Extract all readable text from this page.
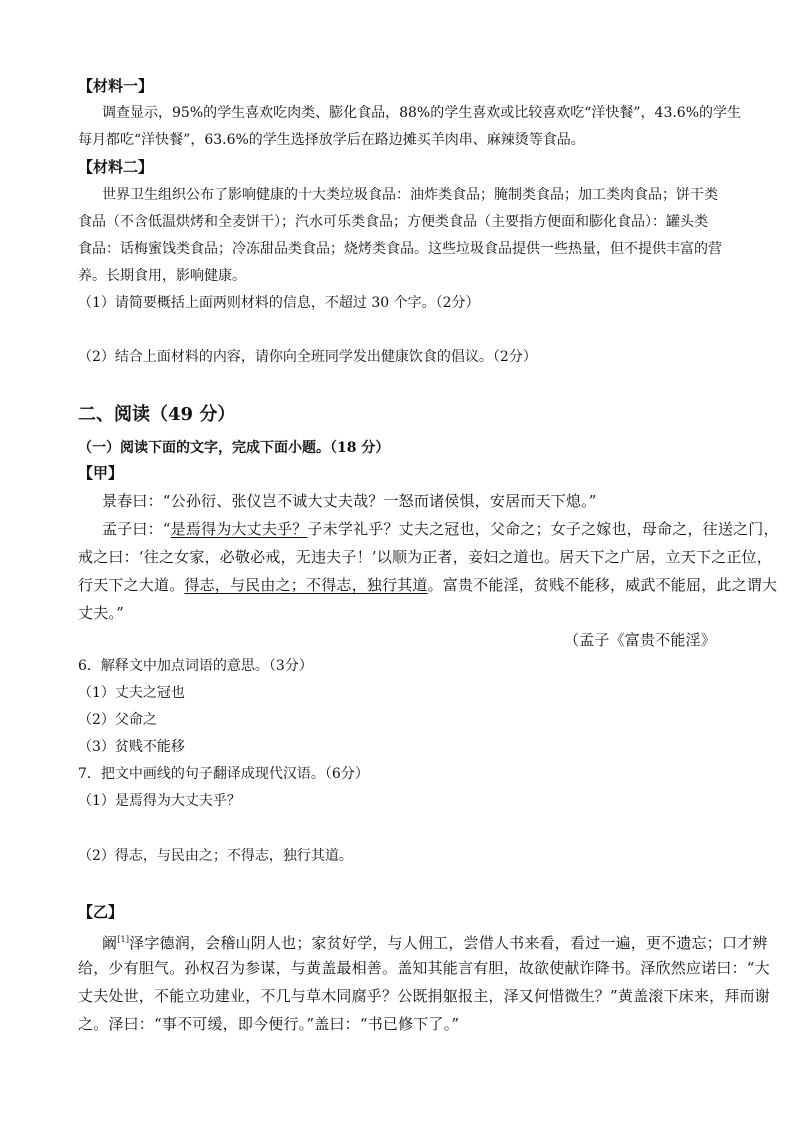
【材料一】
调查显示，95%的学生喜欢吃肉类、膨化食品，88%的学生喜欢或比较喜欢吃“洋快餐”，43.6%的学生
每月都吃“洋快餐”，63.6%的学生选择放学后在路边摊买羊肉串、麻辣烫等食品。
【材料二】
世界卫生组织公布了影响健康的十大类垃圾食品：油炸类食品；腌制类食品；加工类肉食品；饼干类
食品（不含低温烘烤和全麦饼干）；汽水可乐类食品；方便类食品（主要指方便面和膨化食品）：罐头类
食品：话梅蜜饯类食品；冷冻甜品类食品；烧烤类食品。这些垃圾食品提供一些热量，但不提供丰富的营
养。长期食用，影响健康。
（1）请简要概括上面两则材料的信息，不超过 30 个字。（2分）
（2）结合上面材料的内容，请你向全班同学发出健康饮食的倡议。（2分）
二、阅读（49 分）
（一）阅读下面的文字，完成下面小题。（18 分）
【甲】
景春曰：“公孙衍、张仪岂不诚大丈夫哉？一怒而诸侯惧，安居而天下熄。”
孟子曰：“是焉得为大丈夫乎？子未学礼乎？丈夫之冠也，父命之；女子之嫁也，母命之，往送之门，
戒之曰：‘往之女家，必敬必戒，无违夫子！’以顺为正者，妾妇之道也。居天下之广居，立天下之正位，
行天下之大道。得志，与民由之；不得志，独行其道。富贵不能淫，贫贱不能移，威武不能屈，此之谓大
丈夫。”
（孟子《富贵不能淫》
6．解释文中加点词语的意思。（3分）
（1）丈夫之冠也
（2）父命之
（3）贫贱不能移
7．把文中画线的句子翻译成现代汉语。（6分）
（1）是焉得为大丈夫乎？
（2）得志，与民由之；不得志，独行其道。
【乙】
阚[1]泽字德润，会稽山阴人也；家贫好学，与人佣工，尝借人书来看，看过一遍，更不遗忘；口才辨
给，少有胆气。孙权召为参谋，与黄盖最相善。盖知其能言有胆，故欲使献诈降书。泽欣然应诺曰：“大
丈夫处世，不能立功建业，不几与草木同腐乎？公既捐躯报主，泽又何惜微生？”黄盖滚下床来，拜而谢
之。泽曰：“事不可缓，即今便行。”盖曰：“书已修下了。”
